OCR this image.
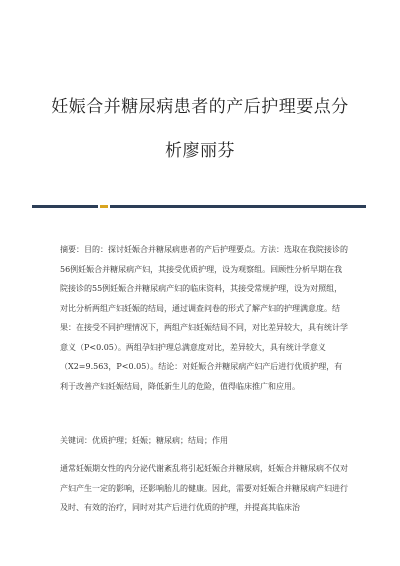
妊娠合并糖尿病患者的产后护理要点分
析廖丽芬
摘要：目的：探讨妊娠合并糖尿病患者的产后护理要点。方法：选取在我院接诊的56例妊娠合并糖尿病产妇，其接受优质护理，设为观察组。回顾性分析早期在我院接诊的55例妊娠合并糖尿病产妇的临床资料，其接受常规护理，设为对照组，对比分析两组产妇妊娠的结局，通过调查问卷的形式了解产妇的护理满意度。结果：在接受不同护理情况下，两组产妇妊娠结局不同，对比差异较大，具有统计学意义（P<0.05）。两组孕妇护理总满意度对比，差异较大，具有统计学意义（X2=9.563，P<0.05）。结论：对妊娠合并糖尿病产妇产后进行优质护理，有利于改善产妇妊娠结局，降低新生儿的危险，值得临床推广和应用。
关键词：优质护理；妊娠；糖尿病；结局；作用
通常妊娠期女性的内分泌代谢紊乱将引起妊娠合并糖尿病，妊娠合并糖尿病不仅对产妇产生一定的影响，还影响胎儿的健康。因此，需要对妊娠合并糖尿病产妇进行及时、有效的治疗，同时对其产后进行优质的护理，并提高其临床治
